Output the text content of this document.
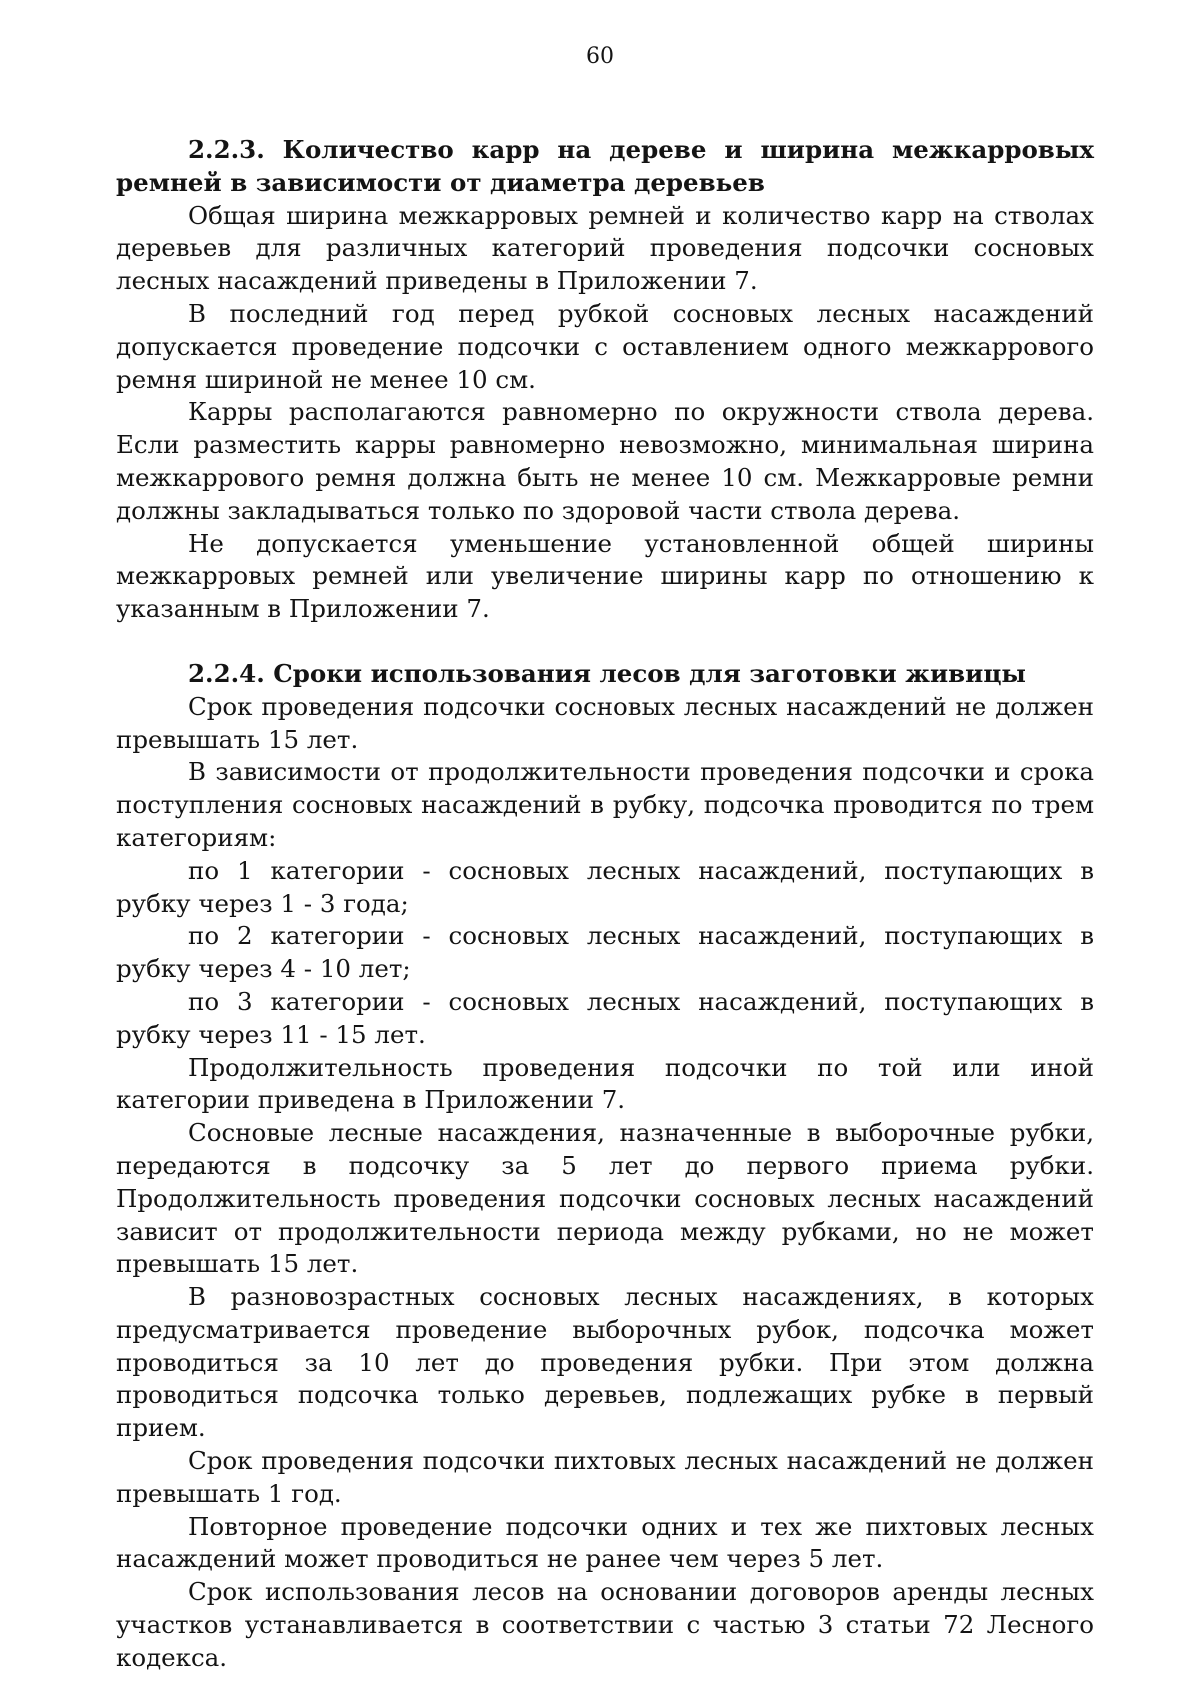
60
2.2.3. Количество карр на дереве и ширина межкарровых ремней в зависимости от диаметра деревьев

Общая ширина межкарровых ремней и количество карр на стволах деревьев для различных категорий проведения подсочки сосновых лесных насаждений приведены в Приложении 7.

В последний год перед рубкой сосновых лесных насаждений допускается проведение подсочки с оставлением одного межкаррового ремня шириной не менее 10 см.

Карры располагаются равномерно по окружности ствола дерева. Если разместить карры равномерно невозможно, минимальная ширина межкаррового ремня должна быть не менее 10 см. Межкарровые ремни должны закладываться только по здоровой части ствола дерева.

Не допускается уменьшение установленной общей ширины межкарровых ремней или увеличение ширины карр по отношению к указанным в Приложении 7.

2.2.4. Сроки использования лесов для заготовки живицы

Срок проведения подсочки сосновых лесных насаждений не должен превышать 15 лет.

В зависимости от продолжительности проведения подсочки и срока поступления сосновых насаждений в рубку, подсочка проводится по трем категориям:

по 1 категории - сосновых лесных насаждений, поступающих в рубку через 1 - 3 года;

по 2 категории - сосновых лесных насаждений, поступающих в рубку через 4 - 10 лет;

по 3 категории - сосновых лесных насаждений, поступающих в рубку через 11 - 15 лет.

Продолжительность проведения подсочки по той или иной категории приведена в Приложении 7.

Сосновые лесные насаждения, назначенные в выборочные рубки, передаются в подсочку за 5 лет до первого приема рубки. Продолжительность проведения подсочки сосновых лесных насаждений зависит от продолжительности периода между рубками, но не может превышать 15 лет.

В разновозрастных сосновых лесных насаждениях, в которых предусматривается проведение выборочных рубок, подсочка может проводиться за 10 лет до проведения рубки. При этом должна проводиться подсочка только деревьев, подлежащих рубке в первый прием.

Срок проведения подсочки пихтовых лесных насаждений не должен превышать 1 год.

Повторное проведение подсочки одних и тех же пихтовых лесных насаждений может проводиться не ранее чем через 5 лет.

Срок использования лесов на основании договоров аренды лесных участков устанавливается в соответствии с частью 3 статьи 72 Лесного кодекса.
